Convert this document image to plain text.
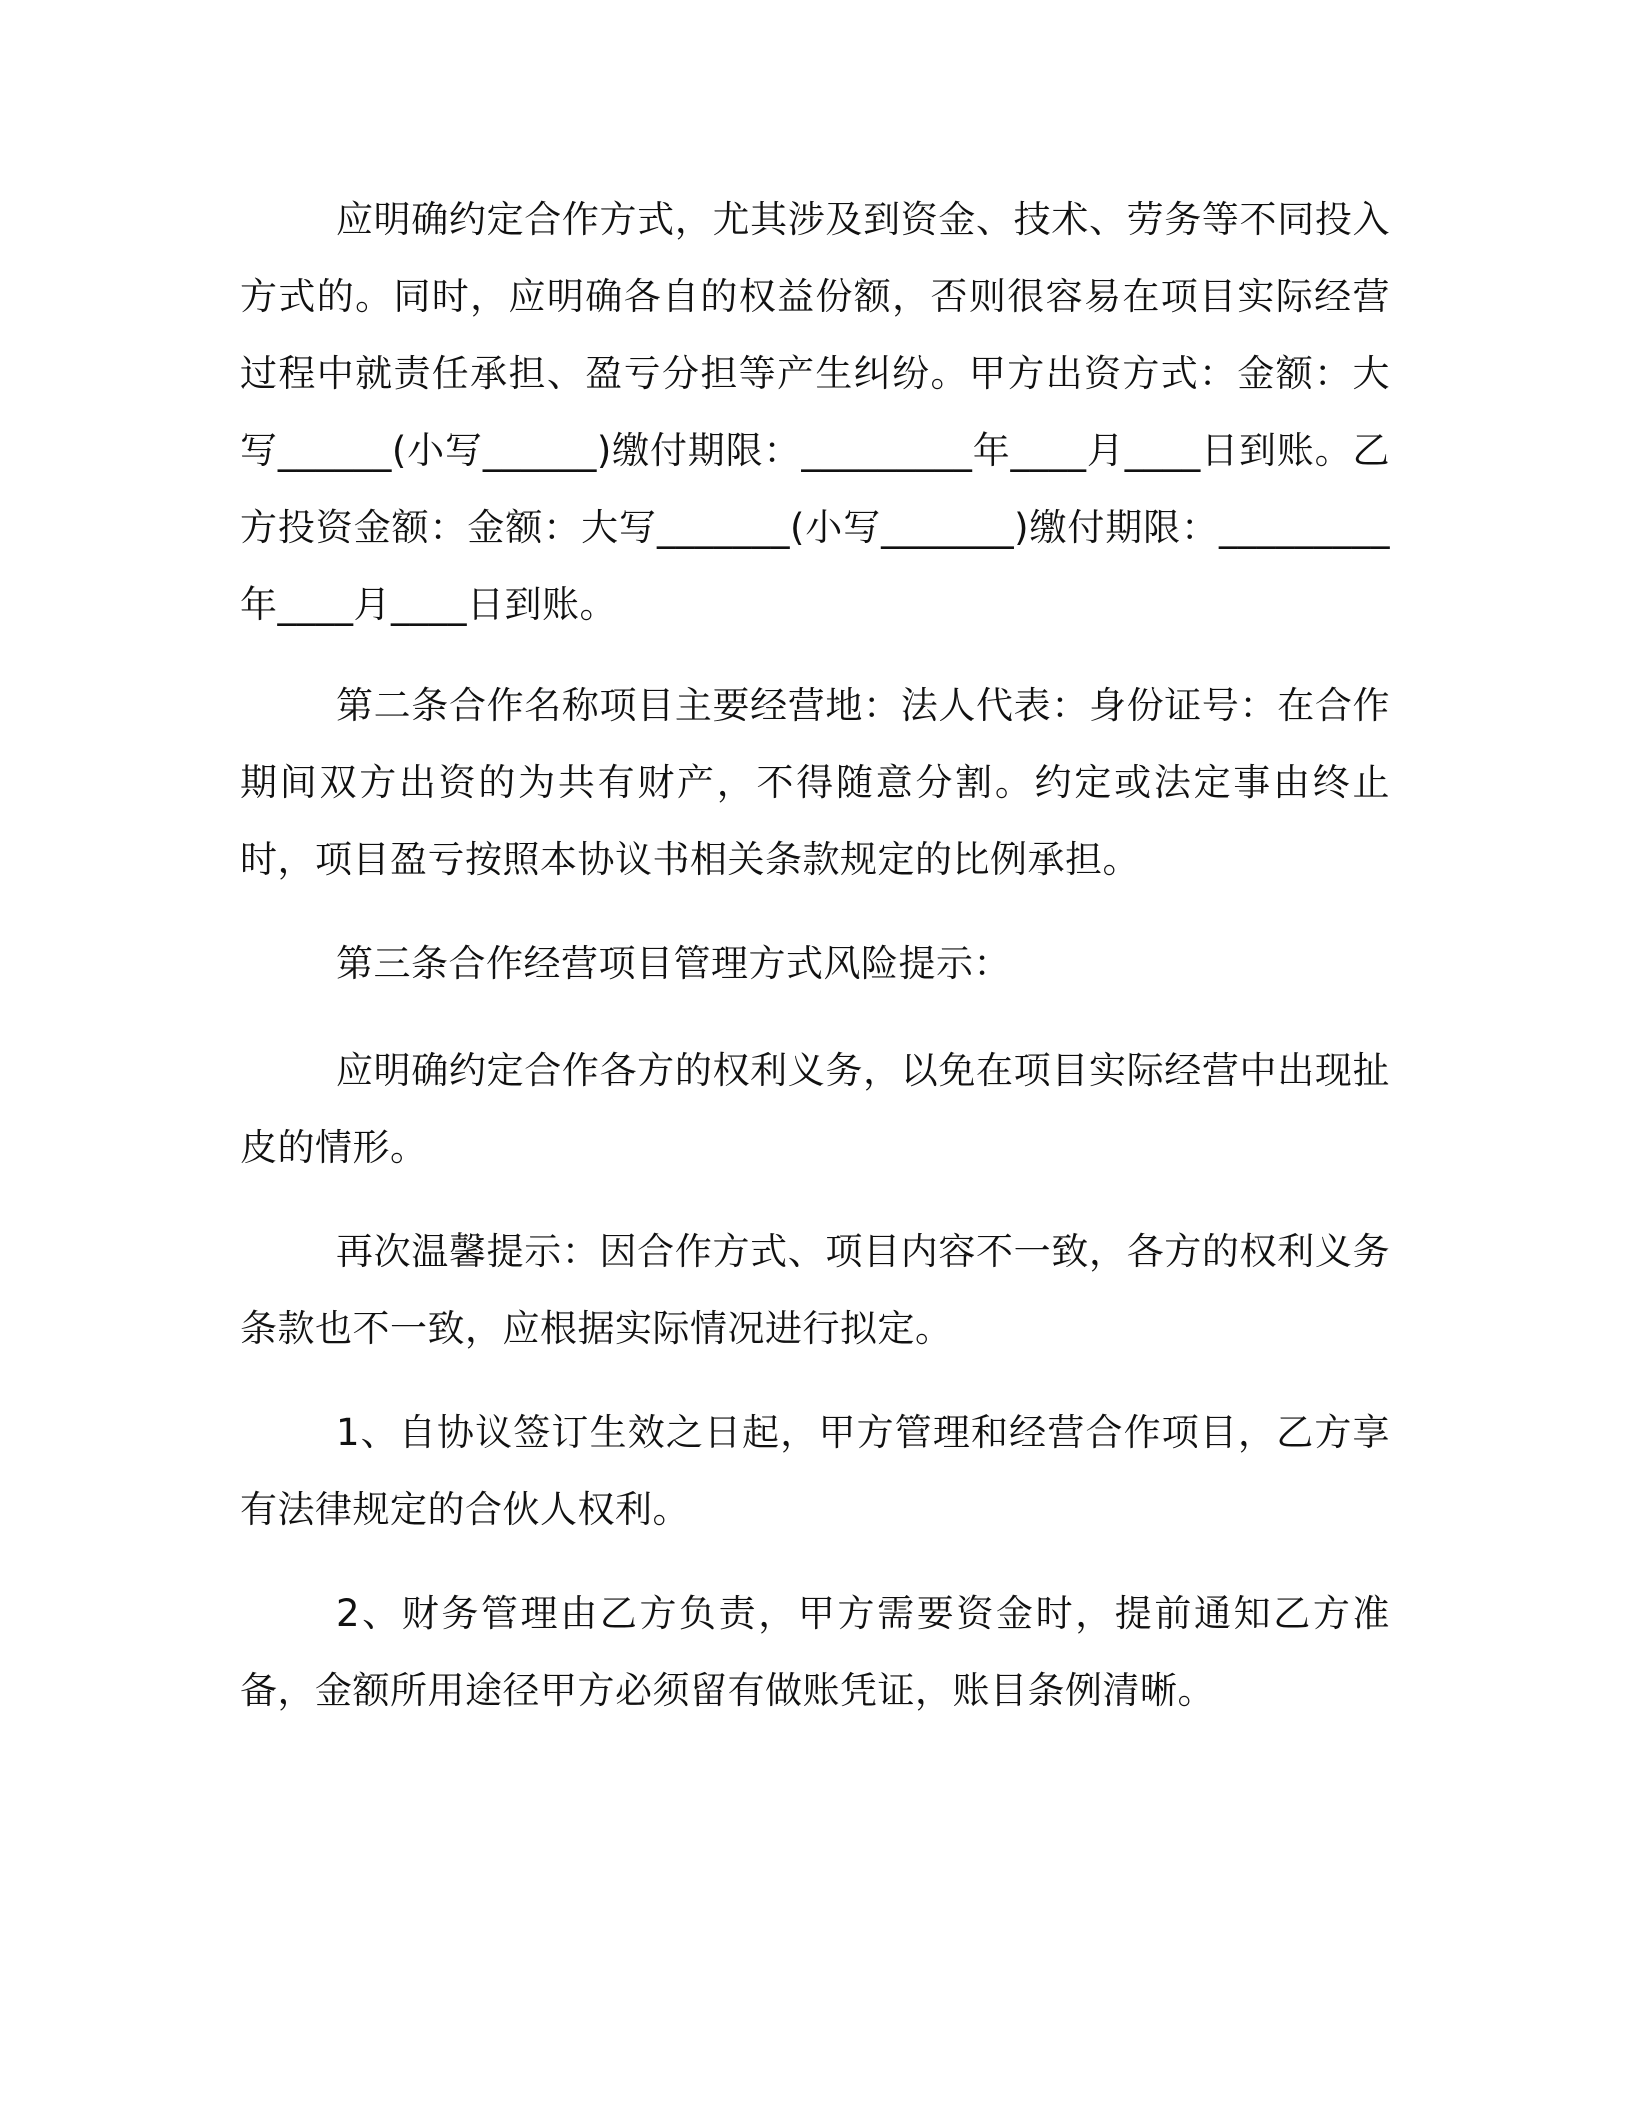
应明确约定合作方式，尤其涉及到资金、技术、劳务等不同投入方式的。同时，应明确各自的权益份额，否则很容易在项目实际经营过程中就责任承担、盈亏分担等产生纠纷。甲方出资方式：金额：大写______(小写______)缴付期限：_________年____月____日到账。乙方投资金额：金额：大写_______(小写_______)缴付期限：_________年____月____日到账。

第二条合作名称项目主要经营地：法人代表：身份证号：在合作期间双方出资的为共有财产，不得随意分割。约定或法定事由终止时，项目盈亏按照本协议书相关条款规定的比例承担。

第三条合作经营项目管理方式风险提示：

应明确约定合作各方的权利义务，以免在项目实际经营中出现扯皮的情形。

再次温馨提示：因合作方式、项目内容不一致，各方的权利义务条款也不一致，应根据实际情况进行拟定。

1、自协议签订生效之日起，甲方管理和经营合作项目，乙方享有法律规定的合伙人权利。

2、财务管理由乙方负责，甲方需要资金时，提前通知乙方准备，金额所用途径甲方必须留有做账凭证，账目条例清晰。
